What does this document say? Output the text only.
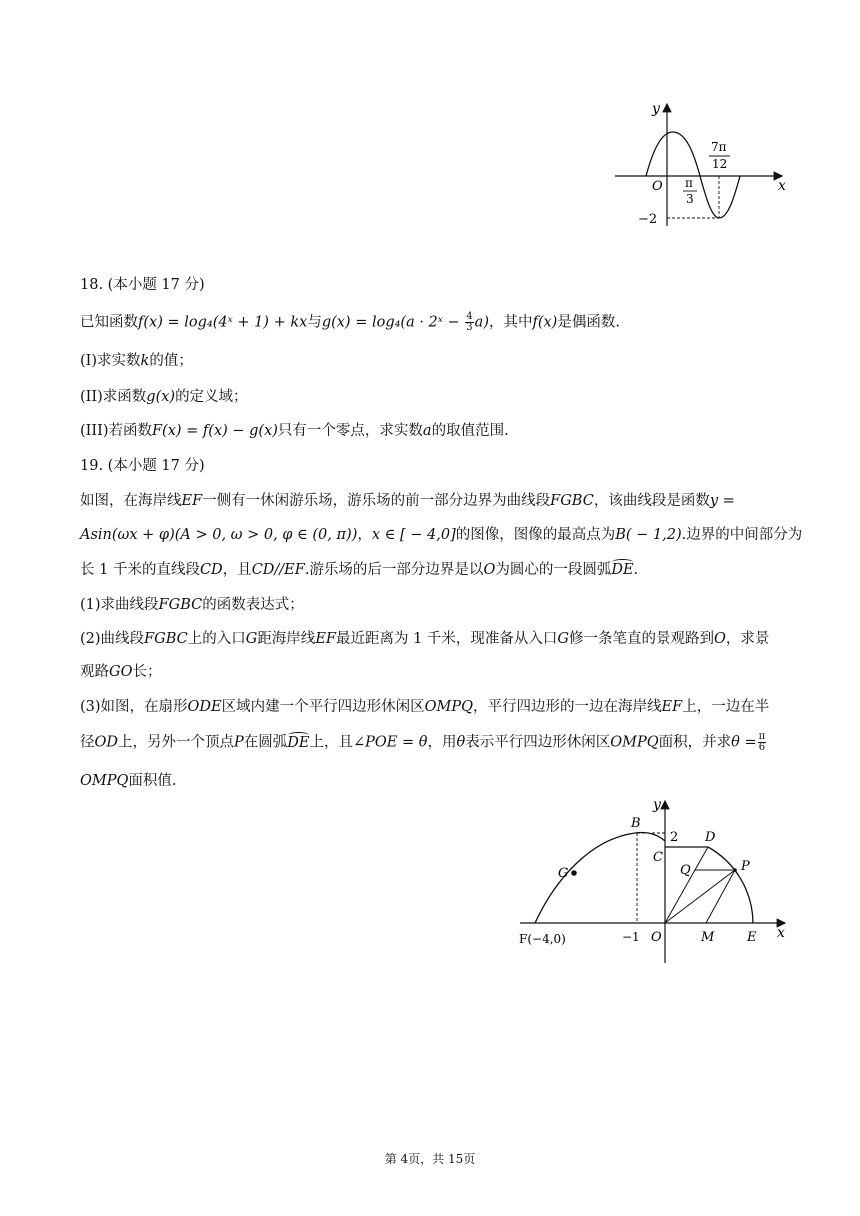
y
x
O π
3
7π
12
−2
18. (本小题 17 分)
已知函数f(x) = log₄(4ˣ + 1) + kx与g(x) = log₄(a · 2ˣ − $\frac{4}{3} a$)，其中f(x)是偶函数.
(I)求实数k的值；
(II)求函数g(x)的定义域；
(III)若函数F(x) = f(x) − g(x)只有一个零点，求实数a的取值范围.
19. (本小题 17 分)
如图，在海岸线EF一侧有一休闲游乐场，游乐场的前一部分边界为曲线段FGBC，该曲线段是函数y =
Asin(ωx + φ)(A > 0, ω > 0, φ ∈ (0, π))，x ∈ [ − 4,0]的图像，图像的最高点为B( − 1,2).边界的中间部分为
长 1 千米的直线段CD，且CD//EF.游乐场的后一部分边界是以O为圆心的一段圆弧DE.
(1)求曲线段FGBC的函数表达式；
(2)曲线段FGBC上的入口G距海岸线EF最近距离为 1 千米，现准备从入口G修一条笔直的景观路到O，求景
观路GO长；
(3)如图，在扇形ODE区域内建一个平行四边形休闲区OMPQ，平行四边形的一边在海岸线EF上，一边在半
径OD上，另外一个顶点P在圆弧DE上，且∠POE = θ，用θ表示平行四边形休闲区OMPQ面积，并求$\theta = \frac{\pi}{6}$
OMPQ面积值.
y
x
B
2 D
C
Q	P
G
F(−4,0)	−1 O	M	E
第 4页，共 15页
